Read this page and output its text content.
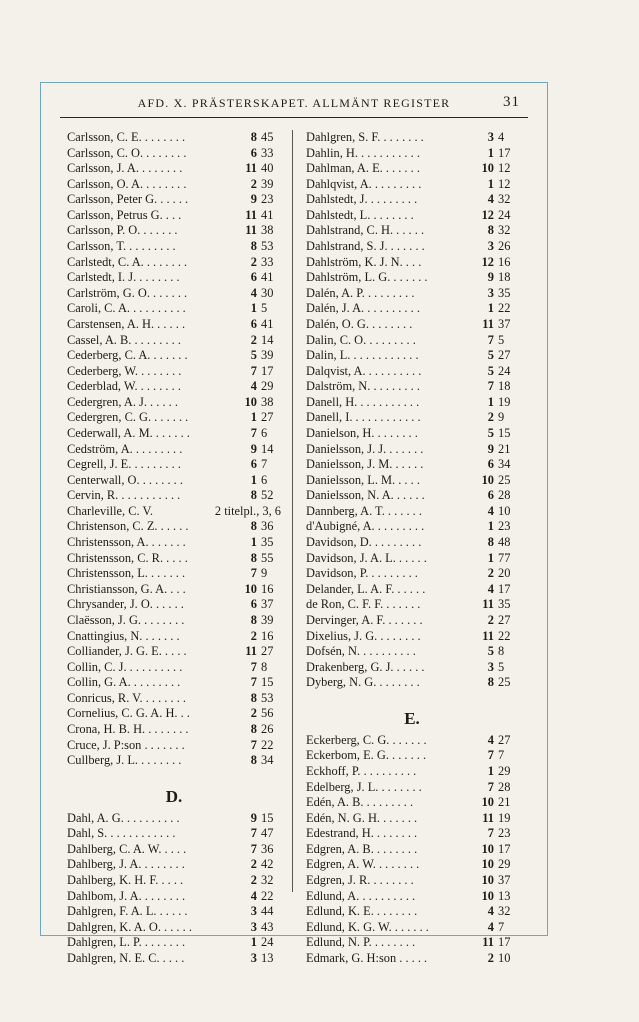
AFD. X. PRÄSTERSKAPET. ALLMÄNT REGISTER	31
Carlsson, C. E. . . . . . . .	8 45
Carlsson, C. O. . . . . . . .	6 33
Carlsson, J. A. . . . . . . .	11 40
Carlsson, O. A. . . . . . . .	2 39
Carlsson, Peter G. . . . . .	9 23
Carlsson, Petrus G. . . .	11 41
Carlsson, P. O. . . . . . .	11 38
Carlsson, T. . . . . . . . .	8 53
Carlstedt, C. A. . . . . . . .	2 33
Carlstedt, I. J. . . . . . . .	6 41
Carlström, G. O. . . . . . .	4 30
Caroli, C. A. . . . . . . . . .	1 5
Carstensen, A. H. . . . . .	6 41
Cassel, A. B. . . . . . . . .	2 14
Cederberg, C. A. . . . . . .	5 39
Cederberg, W. . . . . . . .	7 17
Cederblad, W. . . . . . . .	4 29
Cedergren, A. J. . . . . .	10 38
Cedergren, C. G. . . . . . .	1 27
Cederwall, A. M. . . . . . .	7 6
Cedström, A. . . . . . . . .	9 14
Cegrell, J. E. . . . . . . . .	6 7
Centerwall, O. . . . . . . .	1 6
Cervin, R. . . . . . . . . . .	8 52
Charleville, C. V.	2 titelpl., 3, 6
Christenson, C. Z. . . . . .	8 36
Christensson, A. . . . . . .	1 35
Christensson, C. R. . . . .	8 55
Christensson, L. . . . . . .	7 9
Christiansson, G. A. . . .	10 16
Chrysander, J. O. . . . . .	6 37
Claësson, J. G. . . . . . . .	8 39
Cnattingius, N. . . . . . .	2 16
Colliander, J. G. E. . . . .	11 27
Collin, C. J. . . . . . . . . .	7 8
Collin, G. A. . . . . . . . .	7 15
Conricus, R. V. . . . . . . .	8 53
Cornelius, C. G. A. H. . .	2 56
Crona, H. B. H. . . . . . . .	8 26
Cruce, J. P:son . . . . . . .	7 22
Cullberg, J. L. . . . . . . .	8 34
D.
Dahl, A. G. . . . . . . . . .	9 15
Dahl, S. . . . . . . . . . . .	7 47
Dahlberg, C. A. W. . . . .	7 36
Dahlberg, J. A. . . . . . . .	2 42
Dahlberg, K. H. F. . . . .	2 32
Dahlbom, J. A. . . . . . . .	4 22
Dahlgren, F. A. L. . . . . .	3 44
Dahlgren, K. A. O. . . . . .	3 43
Dahlgren, L. P. . . . . . . .	1 24
Dahlgren, N. E. C. . . . .	3 13
Dahlgren, S. F. . . . . . . .	3 4
Dahlin, H. . . . . . . . . . .	1 17
Dahlman, A. E. . . . . . .	10 12
Dahlqvist, A. . . . . . . . .	1 12
Dahlstedt, J. . . . . . . . .	4 32
Dahlstedt, L. . . . . . . .	12 24
Dahlstrand, C. H. . . . . .	8 32
Dahlstrand, S. J. . . . . . .	3 26
Dahlström, K. J. N. . . .	12 16
Dahlström, L. G. . . . . . .	9 18
Dalén, A. P. . . . . . . . .	3 35
Dalén, J. A. . . . . . . . . .	1 22
Dalén, O. G. . . . . . . .	11 37
Dalin, C. O. . . . . . . . .	7 5
Dalin, L. . . . . . . . . . . .	5 27
Dalqvist, A. . . . . . . . . .	5 24
Dalström, N. . . . . . . . .	7 18
Danell, H. . . . . . . . . . .	1 19
Danell, I. . . . . . . . . . . .	2 9
Danielson, H. . . . . . . .	5 15
Danielsson, J. J. . . . . . .	9 21
Danielsson, J. M. . . . . .	6 34
Danielsson, L. M. . . . .	10 25
Danielsson, N. A. . . . . .	6 28
Dannberg, A. T. . . . . . .	4 10
d'Aubigné, A. . . . . . . . .	1 23
Davidson, D. . . . . . . . .	8 48
Davidson, J. A. L. . . . . .	1 77
Davidson, P. . . . . . . . .	2 20
Delander, L. A. F. . . . . .	4 17
de Ron, C. F. F. . . . . . .	11 35
Dervinger, A. F. . . . . . .	2 27
Dixelius, J. G. . . . . . . .	11 22
Dofsén, N. . . . . . . . . .	5 8
Drakenberg, G. J. . . . . .	3 5
Dyberg, N. G. . . . . . . .	8 25
E.
Eckerberg, C. G. . . . . . .	4 27
Eckerbom, E. G. . . . . . .	7 7
Eckhoff, P. . . . . . . . . .	1 29
Edelberg, J. L. . . . . . . .	7 28
Edén, A. B. . . . . . . . .	10 21
Edén, N. G. H. . . . . . .	11 19
Edestrand, H. . . . . . . .	7 23
Edgren, A. B. . . . . . . .	10 17
Edgren, A. W. . . . . . . .	10 29
Edgren, J. R. . . . . . . .	10 37
Edlund, A. . . . . . . . . .	10 13
Edlund, K. E. . . . . . . .	4 32
Edlund, K. G. W. . . . . . .	4 7
Edlund, N. P. . . . . . . .	11 17
Edmark, G. H:son . . . . .	2 10
